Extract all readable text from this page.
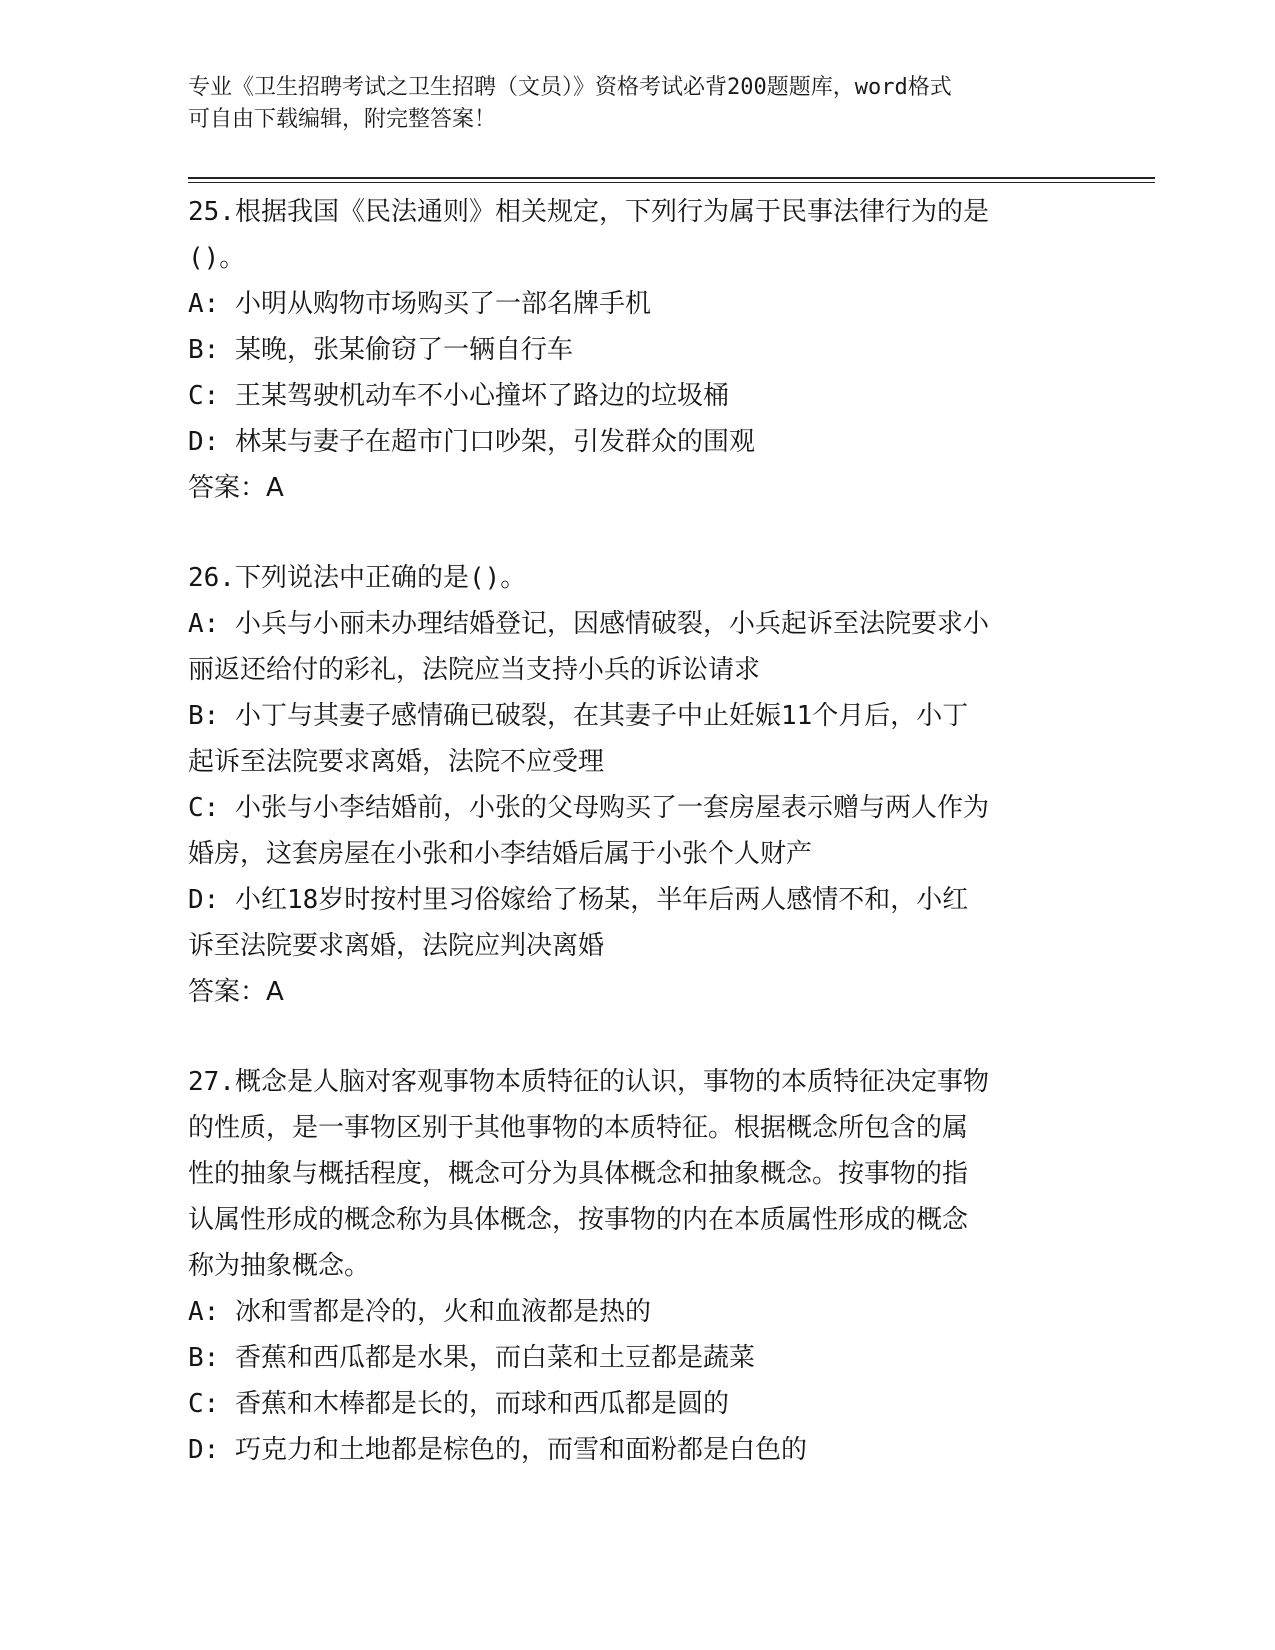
专业《卫生招聘考试之卫生招聘（文员）》资格考试必背200题题库，word格式
可自由下载编辑，附完整答案！
25.根据我国《民法通则》相关规定，下列行为属于民事法律行为的是
()。
A: 小明从购物市场购买了一部名牌手机
B: 某晚，张某偷窃了一辆自行车
C: 王某驾驶机动车不小心撞坏了路边的垃圾桶
D: 林某与妻子在超市门口吵架，引发群众的围观
答案：A
26.下列说法中正确的是()。
A: 小兵与小丽未办理结婚登记，因感情破裂，小兵起诉至法院要求小
丽返还给付的彩礼，法院应当支持小兵的诉讼请求
B: 小丁与其妻子感情确已破裂，在其妻子中止妊娠11个月后，小丁
起诉至法院要求离婚，法院不应受理
C: 小张与小李结婚前，小张的父母购买了一套房屋表示赠与两人作为
婚房，这套房屋在小张和小李结婚后属于小张个人财产
D: 小红18岁时按村里习俗嫁给了杨某，半年后两人感情不和，小红
诉至法院要求离婚，法院应判决离婚
答案：A
27.概念是人脑对客观事物本质特征的认识，事物的本质特征决定事物
的性质，是一事物区别于其他事物的本质特征。根据概念所包含的属
性的抽象与概括程度，概念可分为具体概念和抽象概念。按事物的指
认属性形成的概念称为具体概念，按事物的内在本质属性形成的概念
称为抽象概念。
A: 冰和雪都是冷的，火和血液都是热的
B: 香蕉和西瓜都是水果，而白菜和土豆都是蔬菜
C: 香蕉和木棒都是长的，而球和西瓜都是圆的
D: 巧克力和土地都是棕色的，而雪和面粉都是白色的
